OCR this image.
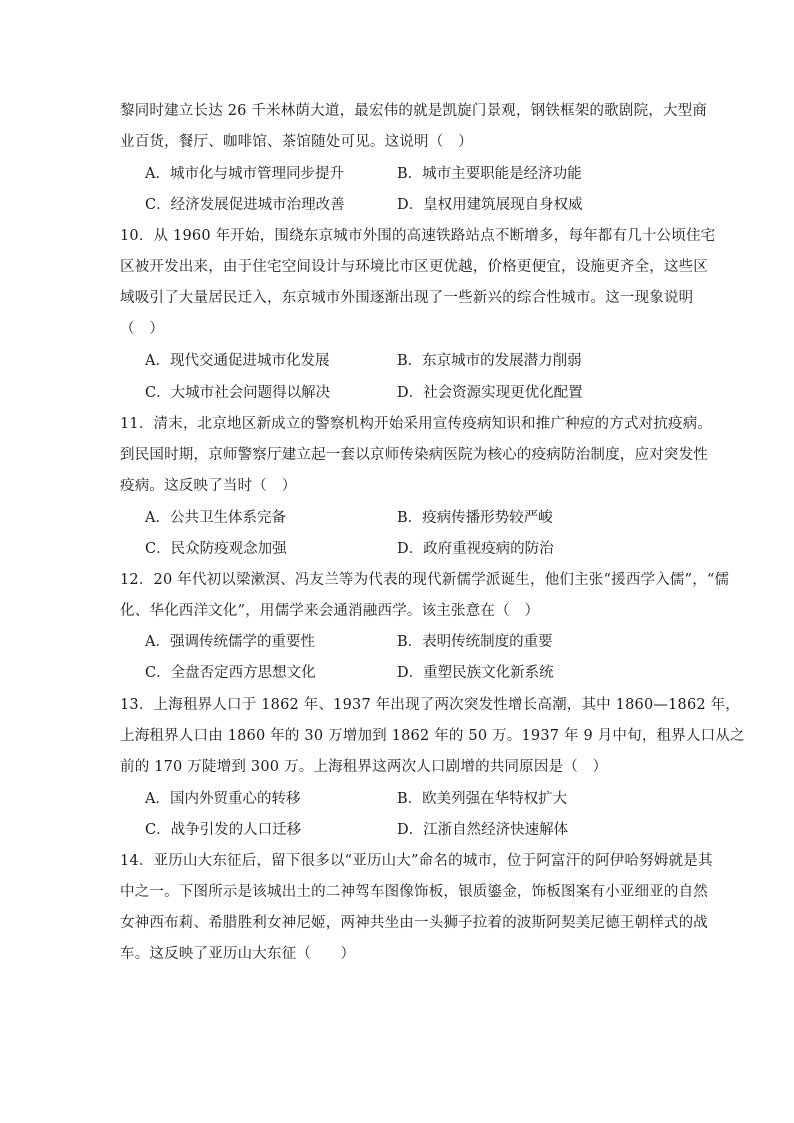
黎同时建立长达 26 千米林荫大道，最宏伟的就是凯旋门景观，钢铁框架的歌剧院，大型商
业百货，餐厅、咖啡馆、茶馆随处可见。这说明（　）
A．城市化与城市管理同步提升	B．城市主要职能是经济功能
C．经济发展促进城市治理改善	D．皇权用建筑展现自身权威
10．从 1960 年开始，围绕东京城市外围的高速铁路站点不断增多，每年都有几十公顷住宅
区被开发出来，由于住宅空间设计与环境比市区更优越，价格更便宜，设施更齐全，这些区
域吸引了大量居民迁入，东京城市外围逐渐出现了一些新兴的综合性城市。这一现象说明
（　）
A．现代交通促进城市化发展	B．东京城市的发展潜力削弱
C．大城市社会问题得以解决	D．社会资源实现更优化配置
11．清末，北京地区新成立的警察机构开始采用宣传疫病知识和推广种痘的方式对抗疫病。
到民国时期，京师警察厅建立起一套以京师传染病医院为核心的疫病防治制度，应对突发性
疫病。这反映了当时（　）
A．公共卫生体系完备	B．疫病传播形势较严峻
C．民众防疫观念加强	D．政府重视疫病的防治
12．20 年代初以梁漱溟、冯友兰等为代表的现代新儒学派诞生，他们主张“援西学入儒”，“儒
化、华化西洋文化”，用儒学来会通消融西学。该主张意在（　）
A．强调传统儒学的重要性	B．表明传统制度的重要
C．全盘否定西方思想文化	D．重塑民族文化新系统
13．上海租界人口于 1862 年、1937 年出现了两次突发性增长高潮，其中 1860—1862 年，
上海租界人口由 1860 年的 30 万增加到 1862 年的 50 万。1937 年 9 月中旬，租界人口从之
前的 170 万陡增到 300 万。上海租界这两次人口剧增的共同原因是（　）
A．国内外贸重心的转移	B．欧美列强在华特权扩大
C．战争引发的人口迁移	D．江浙自然经济快速解体
14．亚历山大东征后，留下很多以“亚历山大”命名的城市，位于阿富汗的阿伊哈努姆就是其
中之一。下图所示是该城出土的二神驾车图像饰板，银质鎏金，饰板图案有小亚细亚的自然
女神西布莉、希腊胜利女神尼姬，两神共坐由一头狮子拉着的波斯阿契美尼德王朝样式的战
车。这反映了亚历山大东征（　　）
